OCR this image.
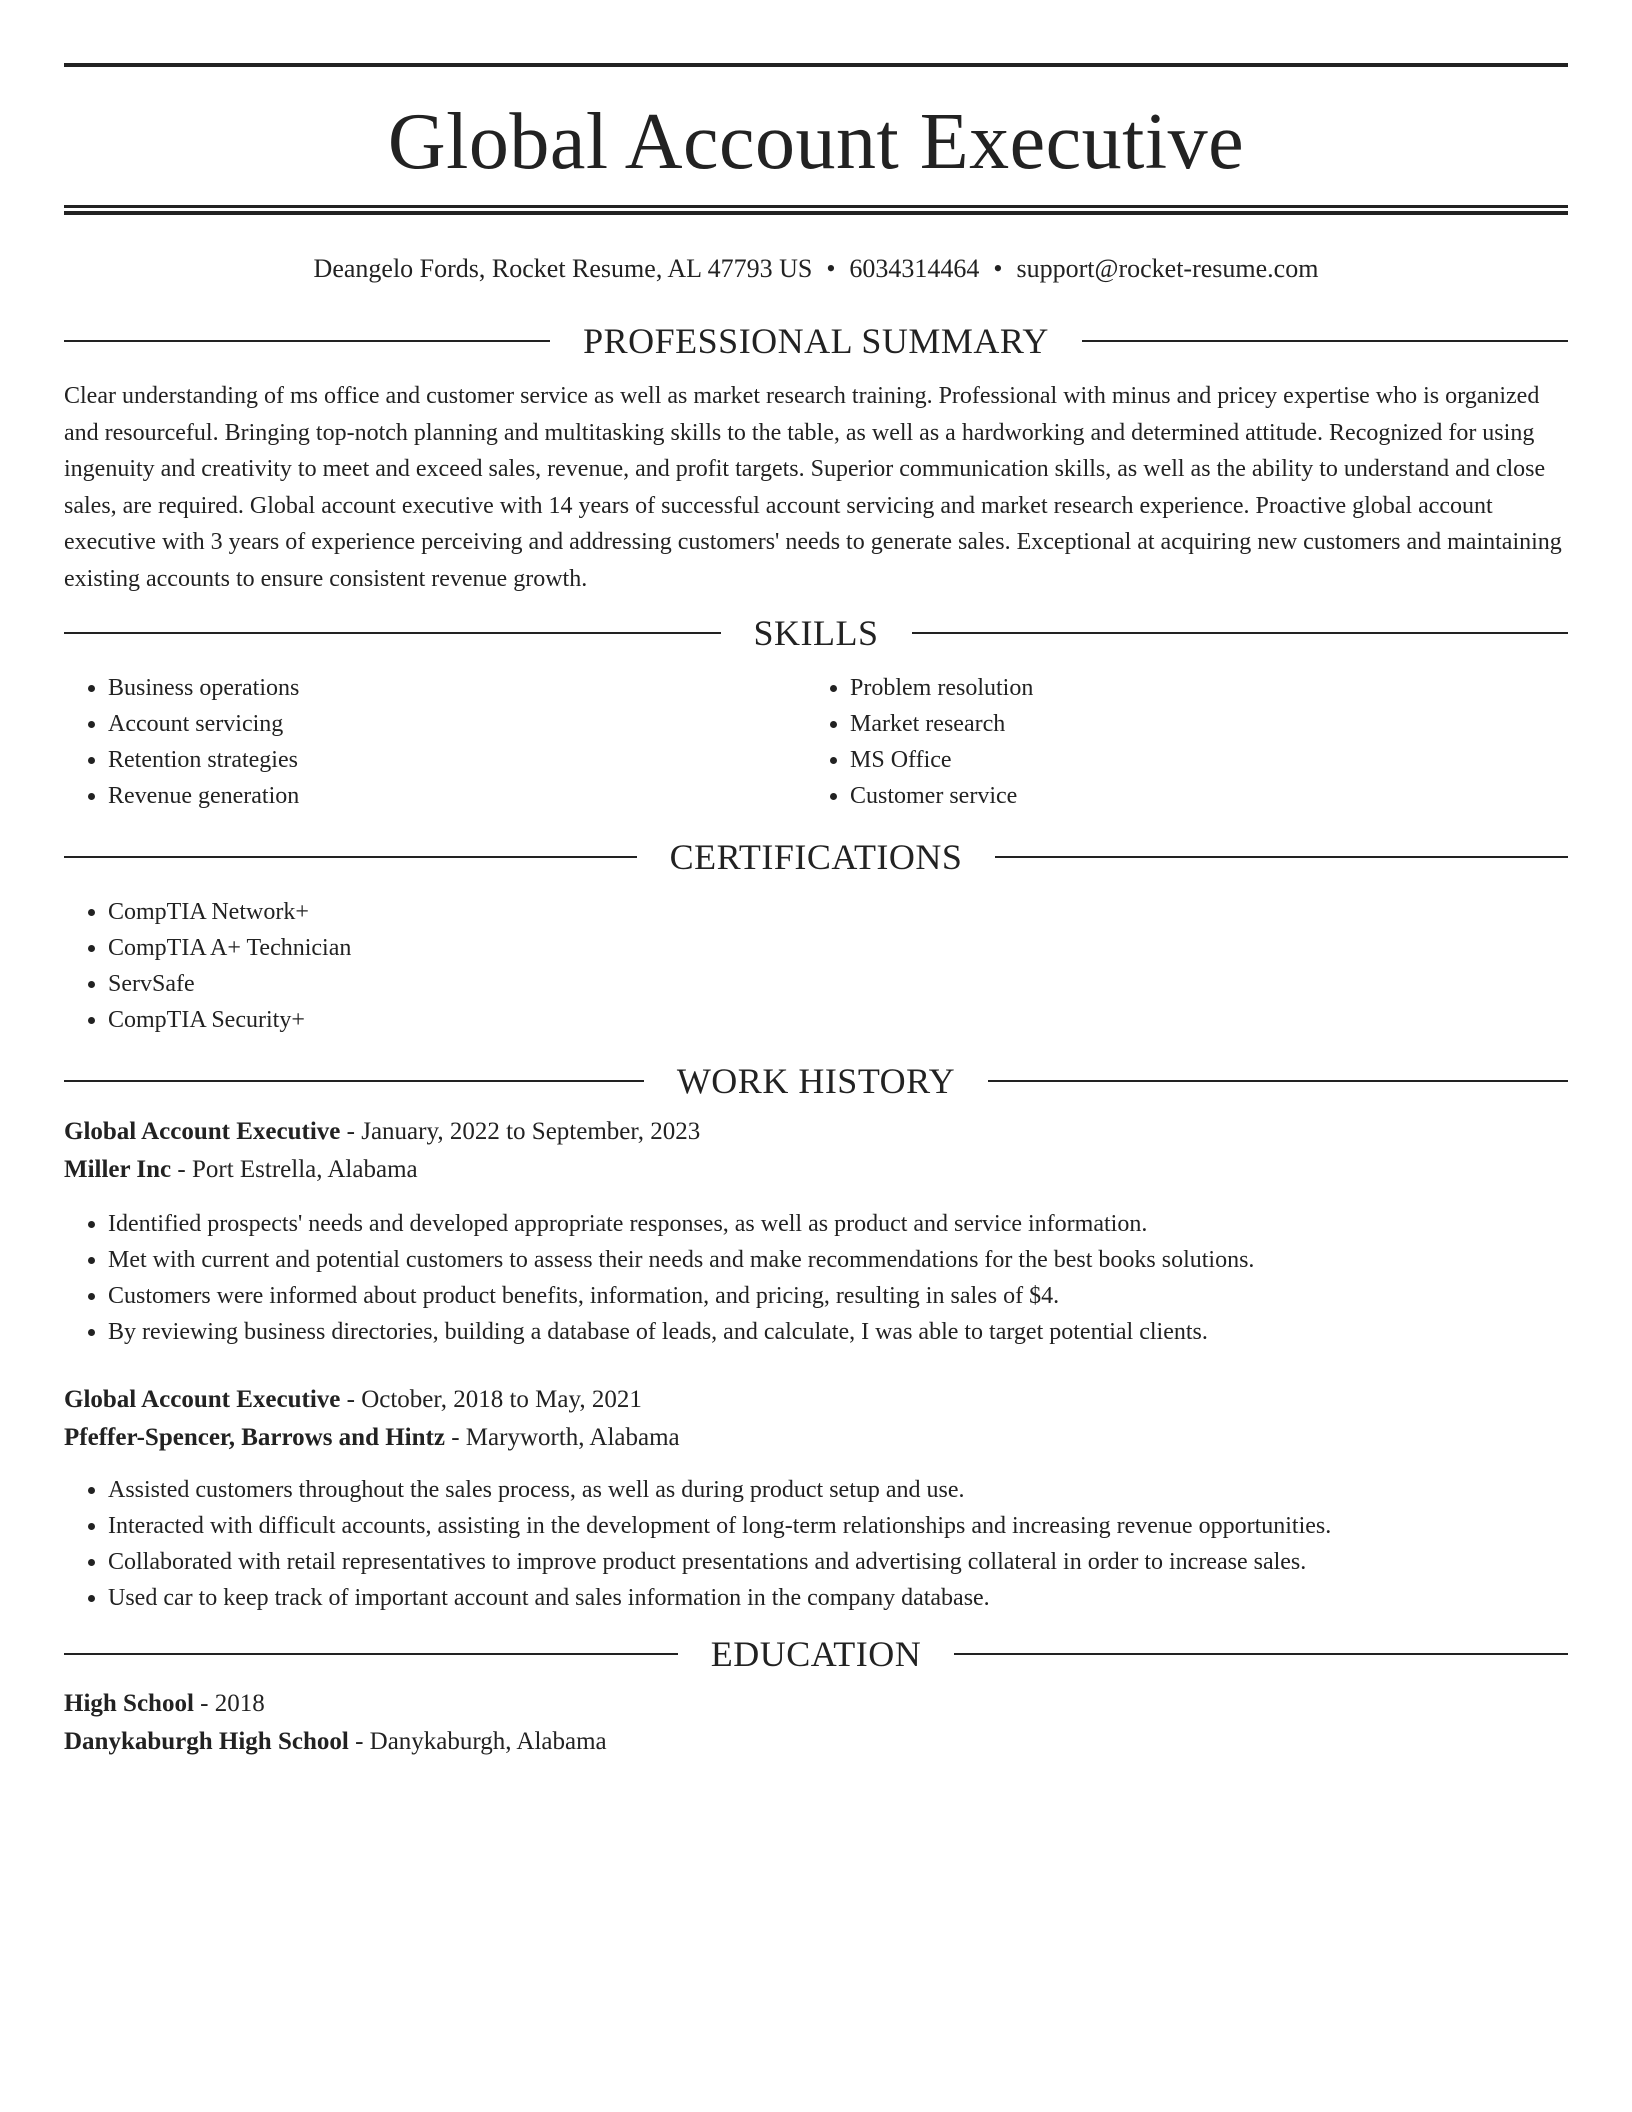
Global Account Executive
Deangelo Fords, Rocket Resume, AL 47793 US • 6034314464 • support@rocket-resume.com
PROFESSIONAL SUMMARY
Clear understanding of ms office and customer service as well as market research training. Professional with minus and pricey expertise who is organized and resourceful. Bringing top-notch planning and multitasking skills to the table, as well as a hardworking and determined attitude. Recognized for using ingenuity and creativity to meet and exceed sales, revenue, and profit targets. Superior communication skills, as well as the ability to understand and close sales, are required. Global account executive with 14 years of successful account servicing and market research experience. Proactive global account executive with 3 years of experience perceiving and addressing customers' needs to generate sales. Exceptional at acquiring new customers and maintaining existing accounts to ensure consistent revenue growth.
SKILLS
• Business operations
• Account servicing
• Retention strategies
• Revenue generation
• Problem resolution
• Market research
• MS Office
• Customer service
CERTIFICATIONS
• CompTIA Network+
• CompTIA A+ Technician
• ServSafe
• CompTIA Security+
WORK HISTORY
Global Account Executive - January, 2022 to September, 2023
Miller Inc - Port Estrella, Alabama
• Identified prospects' needs and developed appropriate responses, as well as product and service information.
• Met with current and potential customers to assess their needs and make recommendations for the best books solutions.
• Customers were informed about product benefits, information, and pricing, resulting in sales of $4.
• By reviewing business directories, building a database of leads, and calculate, I was able to target potential clients.
Global Account Executive - October, 2018 to May, 2021
Pfeffer-Spencer, Barrows and Hintz - Maryworth, Alabama
• Assisted customers throughout the sales process, as well as during product setup and use.
• Interacted with difficult accounts, assisting in the development of long-term relationships and increasing revenue opportunities.
• Collaborated with retail representatives to improve product presentations and advertising collateral in order to increase sales.
• Used car to keep track of important account and sales information in the company database.
EDUCATION
High School - 2018
Danykaburgh High School - Danykaburgh, Alabama
